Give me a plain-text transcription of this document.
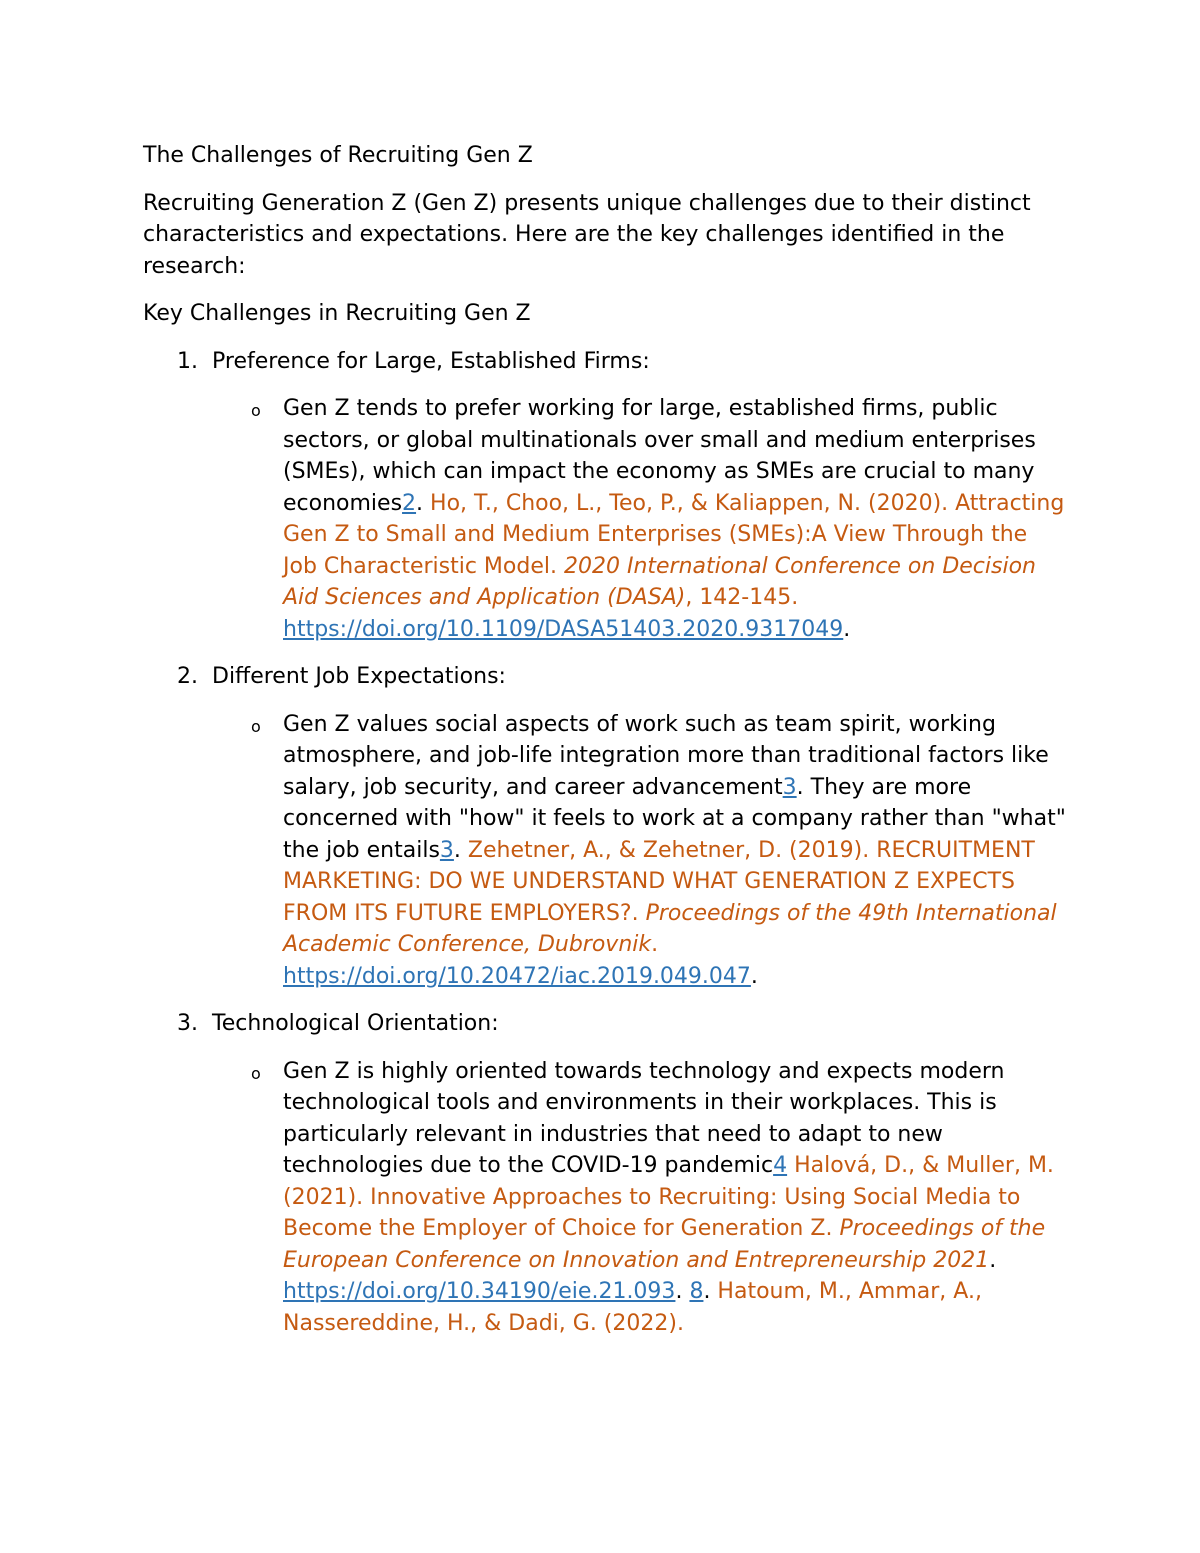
The Challenges of Recruiting Gen Z
Recruiting Generation Z (Gen Z) presents unique challenges due to their distinct characteristics and expectations. Here are the key challenges identified in the research:
Key Challenges in Recruiting Gen Z
1. Preference for Large, Established Firms:
o Gen Z tends to prefer working for large, established firms, public sectors, or global multinationals over small and medium enterprises (SMEs), which can impact the economy as SMEs are crucial to many economies2. Ho, T., Choo, L., Teo, P., & Kaliappen, N. (2020). Attracting Gen Z to Small and Medium Enterprises (SMEs):A View Through the Job Characteristic Model. 2020 International Conference on Decision Aid Sciences and Application (DASA), 142-145. https://doi.org/10.1109/DASA51403.2020.9317049.
2. Different Job Expectations:
o Gen Z values social aspects of work such as team spirit, working atmosphere, and job-life integration more than traditional factors like salary, job security, and career advancement3. They are more concerned with "how" it feels to work at a company rather than "what" the job entails3. Zehetner, A., & Zehetner, D. (2019). RECRUITMENT MARKETING: DO WE UNDERSTAND WHAT GENERATION Z EXPECTS FROM ITS FUTURE EMPLOYERS?. Proceedings of the 49th International Academic Conference, Dubrovnik. https://doi.org/10.20472/iac.2019.049.047.
3. Technological Orientation:
o Gen Z is highly oriented towards technology and expects modern technological tools and environments in their workplaces. This is particularly relevant in industries that need to adapt to new technologies due to the COVID-19 pandemic4 Halová, D., & Muller, M. (2021). Innovative Approaches to Recruiting: Using Social Media to Become the Employer of Choice for Generation Z. Proceedings of the European Conference on Innovation and Entrepreneurship 2021. https://doi.org/10.34190/eie.21.093. 8. Hatoum, M., Ammar, A., Nassereddine, H., & Dadi, G. (2022).
